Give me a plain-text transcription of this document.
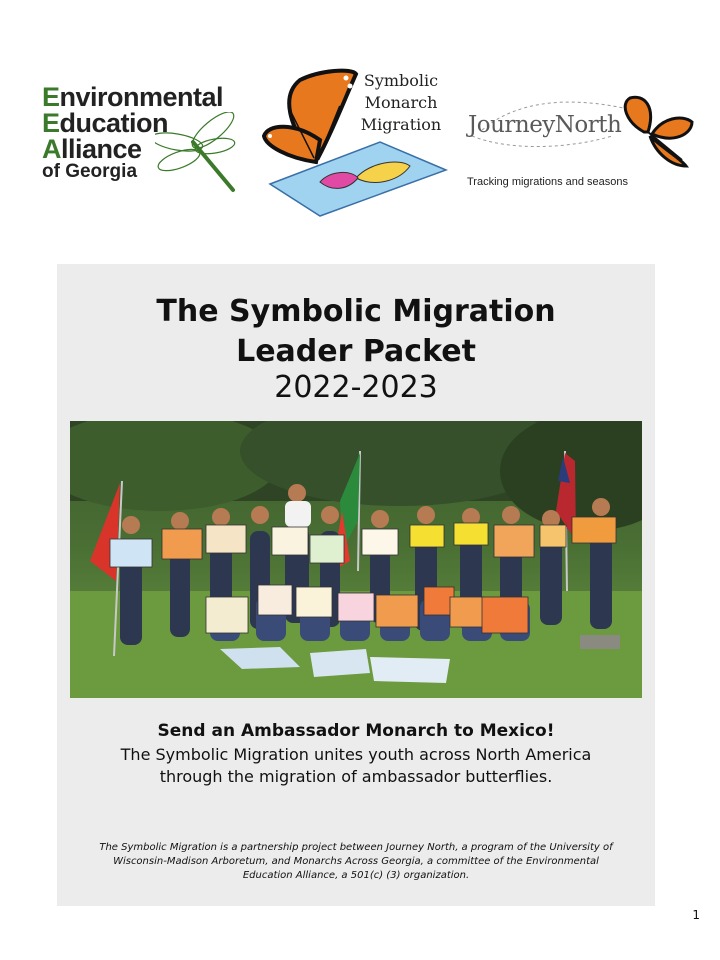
Environmental
Education
Alliance
of Georgia
Symbolic
Monarch
Migration JourneyNorth
Tracking migrations and seasons
The Symbolic Migration
Leader Packet
2022-2023
Send an Ambassador Monarch to Mexico!
The Symbolic Migration unites youth across North America
through the migration of ambassador butterflies.
The Symbolic Migration is a partnership project between Journey North, a program of the University of
Wisconsin-Madison Arboretum, and Monarchs Across Georgia, a committee of the Environmental
Education Alliance, a 501(c) (3) organization.
1
